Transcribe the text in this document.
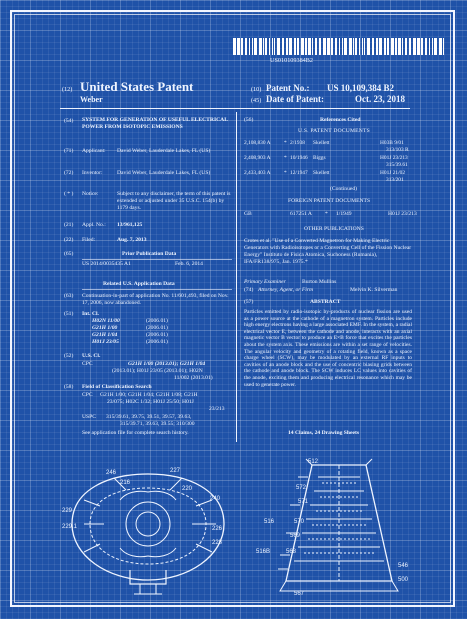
US010109384B2
(12) United States Patent
Weber
(10) Patent No.: US 10,109,384 B2
(45) Date of Patent:	Oct. 23, 2018
(54) SYSTEM FOR GENERATION OF USEFUL ELECTRICAL POWER FROM ISOTOPIC EMISSIONS
(71) Applicant: David Weber, Lauderdale Lakes, FL (US)
(72) Inventor:	David Weber, Lauderdale Lakes, FL (US)
( * ) Notice:	Subject to any disclaimer, the term of this patent is extended or adjusted under 35 U.S.C. 154(b) by 1179 days.
(21) Appl. No.: 13/961,125
(22) Filed:	Aug. 7, 2013
(65)	Prior Publication Data
US 2014/0035435 A1	Feb. 6, 2014
Related U.S. Application Data
(63) Continuation-in-part of application No. 11/601,493, filed on Nov. 17, 2006, now abandoned.
(51) Int. Cl.
H02N 11/00	(2006.01)
G21H 1/00	(2006.01)
G21H 1/04	(2006.01)
H01J 23/05	(2006.01)
(52) U.S. Cl.
CPC	G21H 1/00 (2013.01); G21H 1/04
(2013.01); H01J 23/05 (2013.01); H02N
11/002 (2013.01)
(58) Field of Classification Search
CPC G21H 1/00; G21H 1/04; G21H 1/08; G21H
23/075; H02C 1/32; H01J 25/50; H01J
23/213
USPC 315/39.61, 39.75, 39.51, 39.57, 39.63,
315/39.71, 39.63, 39.55; 310/300
See application file for complete search history.
(56)	References Cited
U.S. PATENT DOCUMENTS
2,108,830 A * 2/1938 Skellett	H03B 9/01
313/103 R
2,408,903 A * 10/1946 Biggs	H01J 23/213
315/39.61
2,433,403 A * 12/1947 Skellett	H01J 21/02
313/201
(Continued)
FOREIGN PATENT DOCUMENTS
GB	617251 A * 1/1949	H01J 23/213
OTHER PUBLICATIONS
Crotes et al. "Use of a Converted Magnetron for Making Electric Generators with Radioisotopes or a Converting Cell of the Fission Nuclear Energy" Instituto de Fisica Atomica, Suchoness (Rumania), IFA/FR138/975, Jan. 1975.*
Primary Examiner	Burton Mullins
(74) Attorney, Agent, or Firm	Melvin K. Silverman
(57)	ABSTRACT
Particles emitted by radio-isotopic by-products of nuclear fission are used as a power source at the cathode of a magnetron system. Particles include high energy electrons having a large associated EMF. In the system, a radial electrical vector E, between the cathode and anode, interacts with an axial magnetic vector B vector to produce an E×B force that excites the particles about the system axis. These emissions are within a set range of velocities. The angular velocity and geometry of a rotating field, known as a space charge wheel (SCW), may be modulated by an external RF inputs to cavities of an anode block and the use of concentric biasing grids between the cathode and anode block. The SCW induces LC values into cavities of the anode, exciting them and producing electrical resonance which may be used to generate power.
14 Claims, 24 Drawing Sheets
246	227
216
220
240
229
229.1	226
228
512
572
571
570
516
569
516B	568
567
500
546
